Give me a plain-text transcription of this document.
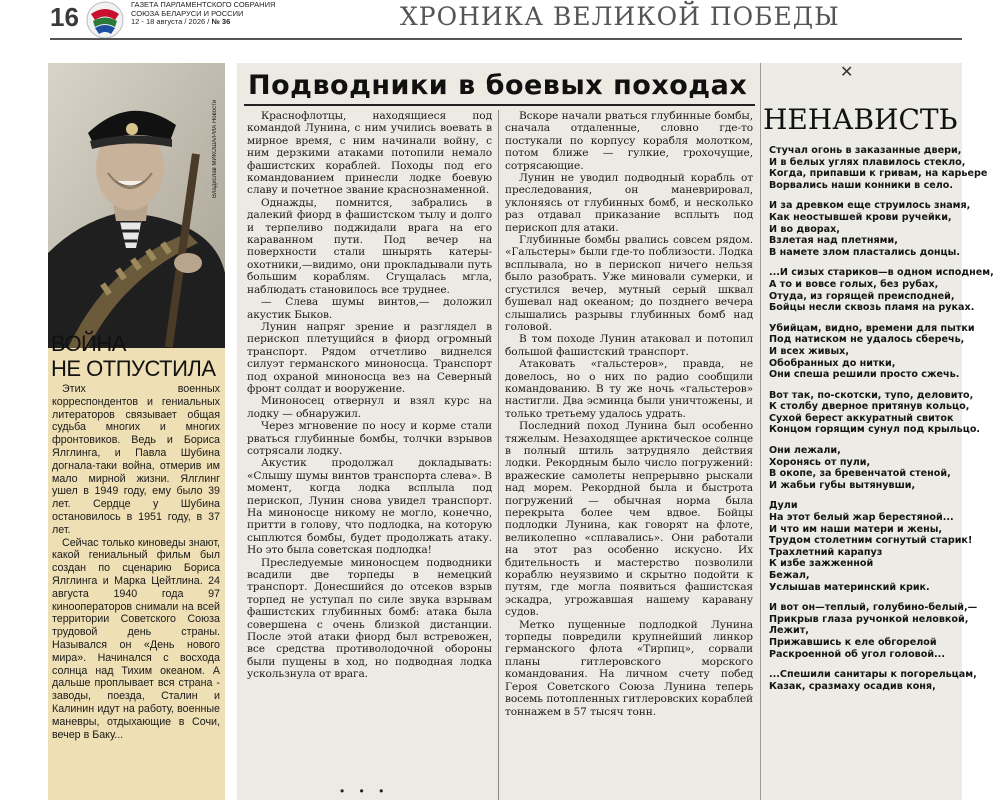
16	ГАЗЕТА ПАРЛАМЕНТСКОГО СОБРАНИЯ
СОЮЗА БЕЛАРУСИ И РОССИИ
12 - 18 августа / 2026 / № 36	ХРОНИКА ВЕЛИКОЙ ПОБЕДЫ
Владислав МИКОША/РИА Новости
ВОЙНА
НЕ ОТПУСТИЛА

Этих военных корреспондентов и гениальных литераторов связывает общая судьба многих и многих фронтовиков. Ведь и Бориса Ялглинга, и Павла Шубина догнала-таки война, отмерив им мало мирной жизни. Ялглинг ушел в 1949 году, ему было 39 лет. Сердце у Шубина остановилось в 1951 году, в 37 лет.

Сейчас только киноведы знают, какой гениальный фильм был создан по сценарию Бориса Ялглинга и Марка Цейтлина. 24 августа 1940 года 97 кинооператоров снимали на всей территории Советского Союза трудовой день страны. Назывался он «День нового мира». Начинался с восхода солнца над Тихим океаном. А дальше проплывает вся страна - заводы, поезда, Сталин и Калинин идут на работу, военные маневры, отдыхающие в Сочи, вечер в Баку...

Подводники в боевых походах

Краснофлотцы, находящиеся под командой Лунина, с ним учились воевать в мирное время, с ним начинали войну, с ним дерзкими атаками потопили немало фашистских кораблей. Походы под его командованием принесли лодке боевую славу и почетное звание краснознаменной.

Однажды, помнится, забрались в далекий фиорд в фашистском тылу и долго и терпеливо поджидали врага на его караванном пути. Под вечер на поверхности стали шнырять катеры-охотники,—видимо, они прокладывали путь большим кораблям. Сгущалась мгла, наблюдать становилось все труднее.

— Слева шумы винтов,— доложил акустик Быков.

Лунин напряг зрение и разглядел в перископ плетущийся в фиорд огромный транспорт. Рядом отчетливо виднелся силуэт германского миноносца. Транспорт под охраной миноносца вез на Северный фронт солдат и вооружение.

Миноносец отвернул и взял курс на лодку — обнаружил.

Через мгновение по носу и корме стали рваться глубинные бомбы, толчки взрывов сотрясали лодку.

Акустик продолжал докладывать: «Слышу шумы винтов транспорта слева». В момент, когда лодка всплыла под перископ, Лунин снова увидел транспорт. На миноносце никому не могло, конечно, притти в голову, что подлодка, на которую сыплются бомбы, будет продолжать атаку. Но это была советская подлодка!

Преследуемые миноносцем подводники всадили две торпеды в немецкий транспорт. Донесшийся до отсеков взрыв торпед не уступал по силе звука взрывам фашистских глубинных бомб: атака была совершена с очень близкой дистанции. После этой атаки фиорд был встревожен, все средства противолодочной обороны были пущены в ход, но подводная лодка ускользнула от врага.

Вскоре начали рваться глубинные бомбы, сначала отдаленные, словно где-то постукали по корпусу корабля молотком, потом ближе — гулкие, грохочущие, сотрясающие.

Лунин не уводил подводный корабль от преследования, он маневрировал, уклоняясь от глубинных бомб, и несколько раз отдавал приказание всплыть под перископ для атаки.

Глубинные бомбы рвались совсем рядом. «Гальстеры» были где-то поблизости. Лодка всплывала, но в перископ ничего нельзя было разобрать. Уже миновали сумерки, и сгустился вечер, мутный серый шквал бушевал над океаном; до позднего вечера слышались разрывы глубинных бомб над головой.

В том походе Лунин атаковал и потопил большой фашистский транспорт.

Атаковать «гальстеров», правда, не довелось, но о них по радио сообщили командованию. В ту же ночь «гальстеров» настигли. Два эсминца были уничтожены, и только третьему удалось удрать.

Последний поход Лунина был особенно тяжелым. Незаходящее арктическое солнце в полный штиль затрудняло действия лодки. Рекордным было число погружений: вражеские самолеты непрерывно рыскали над морем. Рекордной была и быстрота погружений — обычная норма была перекрыта более чем вдвое. Бойцы подлодки Лунина, как говорят на флоте, великолепно «сплавались». Они работали на этот раз особенно искусно. Их бдительность и мастерство позволили кораблю неуязвимо и скрытно подойти к путям, где могла появиться фашистская эскадра, угрожавшая нашему каравану судов.

Метко пущенные подлодкой Лунина торпеды повредили крупнейший линкор германского флота «Тирпиц», сорвали планы гитлеровского морского командования. На личном счету побед Героя Советского Союза Лунина теперь восемь потопленных гитлеровских кораблей тоннажем в 57 тысяч тонн.

• • •
✕
НЕНАВИСТЬ
Стучал огонь в заказанные двери,
И в белых углях плавилось стекло,
Когда, припавши к гривам, на карьере
Ворвались наши конники в село.
И за древком еще струилось знамя,
Как неостывшей крови ручейки,
И во дворах,
Взлетая над плетнями,
В намете злом пластались донцы.
...И сизых стариков—в одном исподнем,
А то и вовсе голых, без рубах,
Отуда, из горящей преисподней,
Бойцы несли сквозь пламя на руках.
Убийцам, видно, времени для пытки
Под натиском не удалось сберечь,
И всех живых,
Обобранных до нитки,
Они спеша решили просто сжечь.
Вот так, по-скотски, тупо, деловито,
К столбу дверное притянув кольцо,
Сухой берест аккуратный свиток
Концом горящим сунул под крыльцо.
Они лежали,
Хоронясь от пули,
В окопе, за бревенчатой стеной,
И жабьи губы вытянувши,
Дули
На этот белый жар берестяной...
И что им наши матери и жены,
Трудом столетним согнутый старик!
Трахлетний карапуз
К избе зажженной
Бежал,
Услышав материнский крик.
И вот он—теплый, голубино-белый,—
Прикрыв глаза ручонкой неловкой,
Лежит,
Прижавшись к еле обгорелой
Раскроенной об угол головой...
...Спешили санитары к погорельцам,
Казак, сразмаху осадив коня,
